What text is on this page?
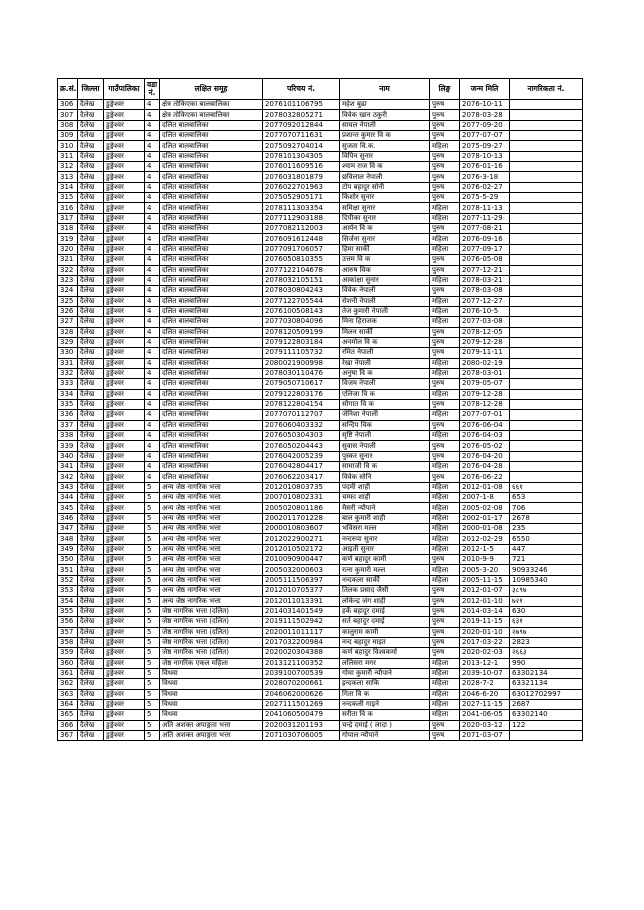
क्र.सं.	जिल्ला	गाउँपालिका	वडा नं.	लक्षित समूह	परिचय नं.	नाम	लिङ्ग	जन्म मिति	नागरिकता नं.
306	दैलेख	डुङ्गेश्वर	4	क्षेत्र तोकिएका बालबालिका	2076101106795	महेश बुढा	पुरुष	2076-10-11	
307	दैलेख	डुङ्गेश्वर	4	क्षेत्र तोकिएका बालबालिका	2078032805271	विवेक खान ठकुरी	पुरुष	2078-03-28	
308	दैलेख	डुङ्गेश्वर	4	दलित बालबालिका	2077092012844	सायल नेपाली	पुरुष	2077-09-20	
309	दैलेख	डुङ्गेश्वर	4	दलित बालबालिका	2077070711631	प्रशान्त कुमार वि क	पुरुष	2077-07-07	
310	दैलेख	डुङ्गेश्वर	4	दलित बालबालिका	2075092704014	सुजता वि.क.	महिला	2075-09-27	
311	दैलेख	डुङ्गेश्वर	4	दलित बालबालिका	2078101304305	विपिन सुनार	पुरुष	2078-10-13	
312	दैलेख	डुङ्गेश्वर	4	दलित बालबालिका	2076011609516	श्याम राज वि क	पुरुष	2076-01-16	
313	दैलेख	डुङ्गेश्वर	4	दलित बालबालिका	2076031801879	छविलाल नेपाली	पुरुष	2076-3-18	
314	दैलेख	डुङ्गेश्वर	4	दलित बालबालिका	2076022701963	टोप बहादुर सोनी	पुरुष	2076-02-27	
315	दैलेख	डुङ्गेश्वर	4	दलित बालबालिका	2075052905171	किशोर सुनार	पुरुष	2075-5-29	
316	दैलेख	डुङ्गेश्वर	4	दलित बालबालिका	2078111303354	समिक्षा सुनार	महिला	2078-11-13	
317	दैलेख	डुङ्गेश्वर	4	दलित बालबालिका	2077112903188	दिपीका सुनार	महिला	2077-11-29	
318	दैलेख	डुङ्गेश्वर	4	दलित बालबालिका	2077082112003	आर्यन वि क	पुरुष	2077-08-21	
319	दैलेख	डुङ्गेश्वर	4	दलित बालबालिका	2076091612448	सिर्जना सुनार	महिला	2076-09-16	
320	दैलेख	डुङ्गेश्वर	4	दलित बालबालिका	2077091706057	हिमा सार्की	महिला	2077-09-17	
321	दैलेख	डुङ्गेश्वर	4	दलित बालबालिका	2076050810355	उत्तम वि क	पुरुष	2076-05-08	
322	दैलेख	डुङ्गेश्वर	4	दलित बालबालिका	2077122104678	आरुष विक	पुरुष	2077-12-21	
323	दैलेख	डुङ्गेश्वर	4	दलित बालबालिका	2078032105151	आकांक्षा सुनार	महिला	2078-03-21	
324	दैलेख	डुङ्गेश्वर	4	दलित बालबालिका	2078030804243	विवेक नेपाली	पुरुष	2078-03-08	
325	दैलेख	डुङ्गेश्वर	4	दलित बालबालिका	2077122705544	रोशनी नेपाली	महिला	2077-12-27	
326	दैलेख	डुङ्गेश्वर	4	दलित बालबालिका	2076100508143	तेज कुमारी नेपाली	महिला	2076-10-5	
327	दैलेख	डुङ्गेश्वर	4	दलित बालबालिका	2077030804096	मिना हिराजक	महिला	2077-03-08	
328	दैलेख	डुङ्गेश्वर	4	दलित बालबालिका	2078120509199	मिलन सार्की	पुरुष	2078-12-05	
329	दैलेख	डुङ्गेश्वर	4	दलित बालबालिका	2079122803184	अनमोल वि क	पुरुष	2079-12-28	
330	दैलेख	डुङ्गेश्वर	4	दलित बालबालिका	2079111105732	रमित नेपाली	पुरुष	2079-11-11	
331	दैलेख	डुङ्गेश्वर	4	दलित बालबालिका	2080021900998	रेखा नेपाली	महिला	2080-02-19	
332	दैलेख	डुङ्गेश्वर	4	दलित बालबालिका	2078030110476	अनुषा वि क	महिला	2078-03-01	
333	दैलेख	डुङ्गेश्वर	4	दलित बालबालिका	2079050710617	विजय नेपाली	पुरुष	2079-05-07	
334	दैलेख	डुङ्गेश्वर	4	दलित बालबालिका	2079122803176	एलिजा वि क	महिला	2079-12-28	
335	दैलेख	डुङ्गेश्वर	4	दलित बालबालिका	2078122804154	सौगात वि क	पुरुष	2078-12-28	
336	दैलेख	डुङ्गेश्वर	4	दलित बालबालिका	2077070112707	जेनिशा नेपाली	महिला	2077-07-01	
337	दैलेख	डुङ्गेश्वर	4	दलित बालबालिका	2076060403332	सन्दिप विक	पुरुष	2076-06-04	
338	दैलेख	डुङ्गेश्वर	4	दलित बालबालिका	2076050304303	सृष्टि नेपाली	महिला	2076-04-03	
339	दैलेख	डुङ्गेश्वर	4	दलित बालबालिका	2076050204443	सुवास नेपाली	पुरुष	2076-05-02	
340	दैलेख	डुङ्गेश्वर	4	दलित बालबालिका	2076042005239	पुस्कर सुनार	पुरुष	2076-04-20	
341	दैलेख	डुङ्गेश्वर	4	दलित बालबालिका	2076042804417	सामाजी वि क	महिला	2076-04-28	
342	दैलेख	डुङ्गेश्वर	4	दलित बालबालिका	2076062203417	विवेक सोनि	पुरुष	2076-06-22	
343	दैलेख	डुङ्गेश्वर	5	अन्य जेष्ठ नागरिक भत्ता	2012010803735	पदमी शाही	महिला	2012-01-08	६६१
344	दैलेख	डुङ्गेश्वर	5	अन्य जेष्ठ नागरिक भत्ता	2007010802331	चम्फा शाही	महिला	2007-1-8	653
345	दैलेख	डुङ्गेश्वर	5	अन्य जेष्ठ नागरिक भत्ता	2005020801186	मैसरी न्यौपाने	महिला	2005-02-08	706
346	दैलेख	डुङ्गेश्वर	5	अन्य जेष्ठ नागरिक भत्ता	2002011701228	बाल कुमारी शाही	महिला	2002-01-17	2678
347	दैलेख	डुङ्गेश्वर	5	अन्य जेष्ठ नागरिक भत्ता	2000010803607	भविसरा मल्ल	महिला	2000-01-08	235
348	दैलेख	डुङ्गेश्वर	5	अन्य जेष्ठ नागरिक भत्ता	2012022900271	नन्दरुपा सुनार	महिला	2012-02-29	6550
349	दैलेख	डुङ्गेश्वर	5	अन्य जेष्ठ नागरिक भत्ता	2012010502172	आइती सुनार	महिला	2012-1-5	447
350	दैलेख	डुङ्गेश्वर	5	अन्य जेष्ठ नागरिक भत्ता	2010090900447	कर्ण बहादुर कामी	पुरुष	2010-9-9	721
351	दैलेख	डुङ्गेश्वर	5	अन्य जेष्ठ नागरिक भत्ता	2005032000603	रत्ना कुमारी मल्ल	महिला	2005-3-20	90933246
352	दैलेख	डुङ्गेश्वर	5	अन्य जेष्ठ नागरिक भत्ता	2005111506397	नन्दकला सार्की	महिला	2005-11-15	10985340
353	दैलेख	डुङ्गेश्वर	5	अन्य जेष्ठ नागरिक भत्ता	2012010705377	तिलक प्रसाद जैसी	पुरुष	2012-01-07	३८९७
354	दैलेख	डुङ्गेश्वर	5	अन्य जेष्ठ नागरिक भत्ता	2012011013391	लोकेन्द्र जंग शाही	पुरुष	2012-01-10	७२१
355	दैलेख	डुङ्गेश्वर	5	जेष्ठ नागरिक भत्ता (दलित)	2014031401549	हर्के बहादुर दमाई	पुरुष	2014-03-14	630
356	दैलेख	डुङ्गेश्वर	5	जेष्ठ नागरिक भत्ता (दलित)	2019111502942	सर्त बहादुर दमाई	पुरुष	2019-11-15	६३१
357	दैलेख	डुङ्गेश्वर	5	जेष्ठ नागरिक भत्ता (दलित)	2020011011117	कालुराम कामी	पुरुष	2020-01-10	२७९७
358	दैलेख	डुङ्गेश्वर	5	जेष्ठ नागरिक भत्ता (दलित)	2017032200984	नन्द बहादुर माइत	पुरुष	2017-03-22	2823
359	दैलेख	डुङ्गेश्वर	5	जेष्ठ नागरिक भत्ता (दलित)	2020020304388	कर्ण बहादुर विश्वकर्मा	पुरुष	2020-02-03	२६६३
360	दैलेख	डुङ्गेश्वर	5	जेष्ठ नागरिक एकल महिला	2013121100352	ललिसरा मगर	महिला	2013-12-1	990
361	दैलेख	डुङ्गेश्वर	5	विधवा	2039100700539	गोमा कुमारी न्यौपाने	महिला	2039-10-07	63302134
362	दैलेख	डुङ्गेश्वर	5	विधवा	2028070200661	इन्दकला साकि	महिला	2028-7-2	63321134
363	दैलेख	डुङ्गेश्वर	5	विधवा	2046062000626	गिता वि क	महिला	2046-6-20	63012702997
364	दैलेख	डुङ्गेश्वर	5	विधवा	2027111501269	नन्दकली गाइने	महिला	2027-11-15	2687
365	दैलेख	डुङ्गेश्वर	5	विधवा	2041060500479	सरीता वि क	महिला	2041-06-05	63302140
366	दैलेख	डुङ्गेश्वर	5	अति अशक्त अपाङ्गता भत्ता	2020031201193	चन्द्रे दमाई ( लादा )	पुरुष	2020-03-12	122
367	दैलेख	डुङ्गेश्वर	5	अति अशक्त अपाङ्गता भत्ता	2071030706005	गोपाल न्यौपाने	पुरुष	2071-03-07	
